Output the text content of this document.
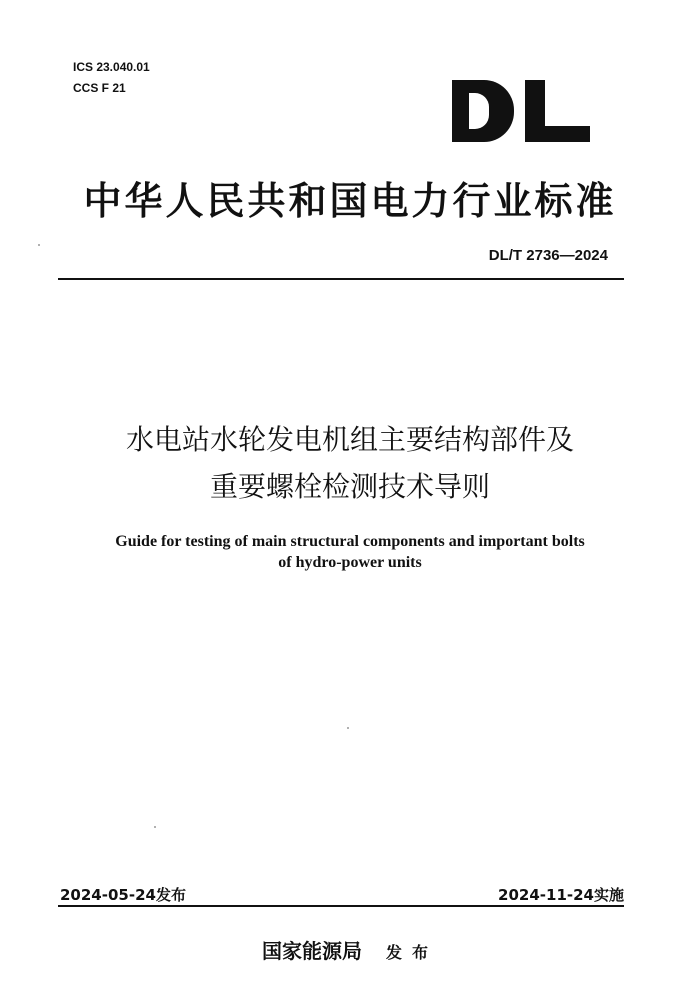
ICS 23.040.01
CCS F 21
中华人民共和国电力行业标准
DL/T 2736—2024
水电站水轮发电机组主要结构部件及
重要螺栓检测技术导则
Guide for testing of main structural components and important bolts
of hydro-power units
2024-05-24发布	2024-11-24实施
国家能源局 发布
